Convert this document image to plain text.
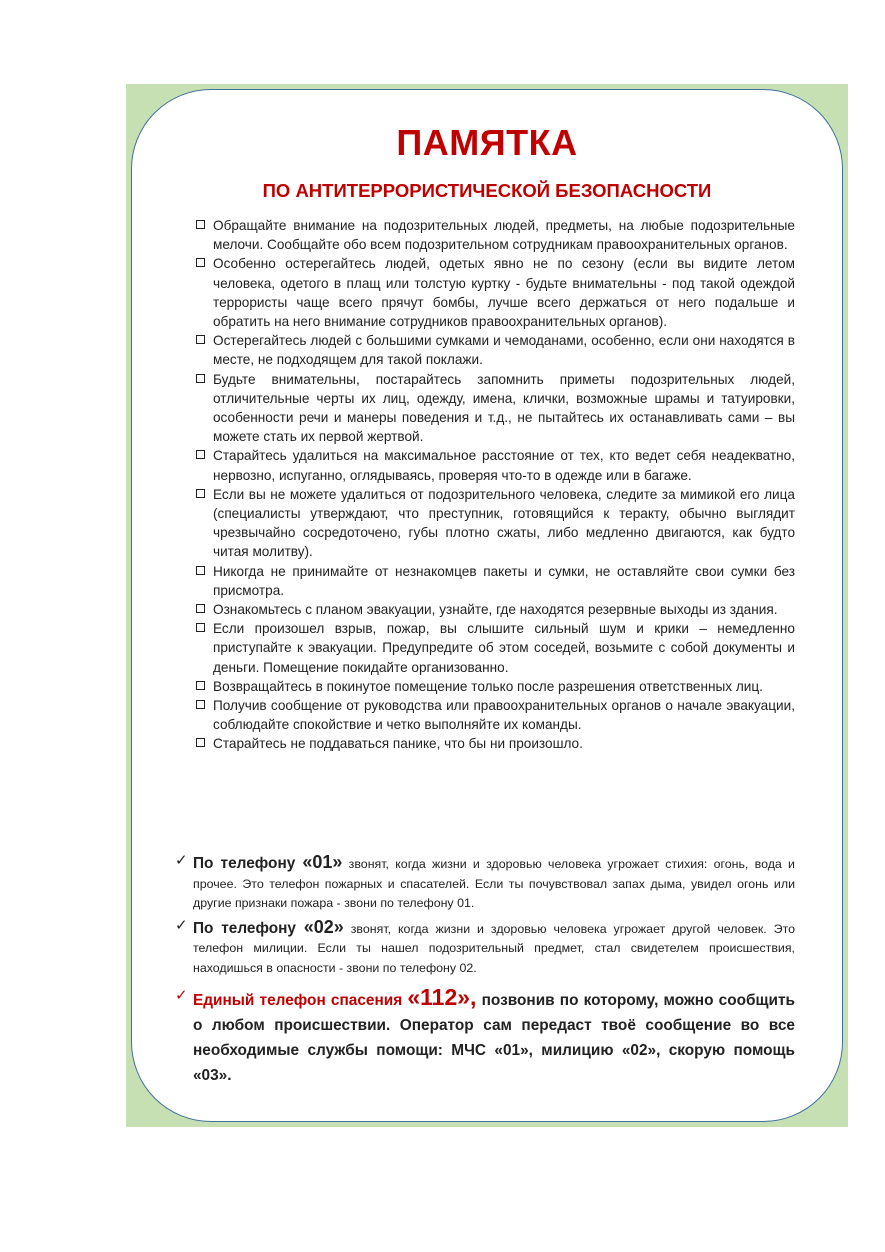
ПАМЯТКА
ПО АНТИТЕРРОРИСТИЧЕСКОЙ БЕЗОПАСНОСТИ
Обращайте внимание на подозрительных людей, предметы, на любые подозрительные мелочи. Сообщайте обо всем подозрительном сотрудникам правоохранительных органов.
Особенно остерегайтесь людей, одетых явно не по сезону (если вы видите летом человека, одетого в плащ или толстую куртку - будьте внимательны - под такой одеждой террористы чаще всего прячут бомбы, лучше всего держаться от него подальше и обратить на него внимание сотрудников правоохранительных органов).
Остерегайтесь людей с большими сумками и чемоданами, особенно, если они находятся в месте, не подходящем для такой поклажи.
Будьте внимательны, постарайтесь запомнить приметы подозрительных людей, отличительные черты их лиц, одежду, имена, клички, возможные шрамы и татуировки, особенности речи и манеры поведения и т.д., не пытайтесь их останавливать сами – вы можете стать их первой жертвой.
Старайтесь удалиться на максимальное расстояние от тех, кто ведет себя неадекватно, нервозно, испуганно, оглядываясь, проверяя что-то в одежде или в багаже.
Если вы не можете удалиться от подозрительного человека, следите за мимикой его лица (специалисты утверждают, что преступник, готовящийся к теракту, обычно выглядит чрезвычайно сосредоточено, губы плотно сжаты, либо медленно двигаются, как будто читая молитву).
Никогда не принимайте от незнакомцев пакеты и сумки, не оставляйте свои сумки без присмотра.
Ознакомьтесь с планом эвакуации, узнайте, где находятся резервные выходы из здания.
Если произошел взрыв, пожар, вы слышите сильный шум и крики – немедленно приступайте к эвакуации. Предупредите об этом соседей, возьмите с собой документы и деньги. Помещение покидайте организованно.
Возвращайтесь в покинутое помещение только после разрешения ответственных лиц.
Получив сообщение от руководства или правоохранительных органов о начале эвакуации, соблюдайте спокойствие и четко выполняйте их команды.
Старайтесь не поддаваться панике, что бы ни произошло.
✓ По телефону «01» звонят, когда жизни и здоровью человека угрожает стихия: огонь, вода и прочее. Это телефон пожарных и спасателей. Если ты почувствовал запах дыма, увидел огонь или другие признаки пожара - звони по телефону 01.
✓ По телефону «02» звонят, когда жизни и здоровью человека угрожает другой человек. Это телефон милиции. Если ты нашел подозрительный предмет, стал свидетелем происшествия, находишься в опасности - звони по телефону 02.
✓ Единый телефон спасения «112», позвонив по которому, можно сообщить о любом происшествии. Оператор сам передаст твоё сообщение во все необходимые службы помощи: МЧС «01», милицию «02», скорую помощь «03».
